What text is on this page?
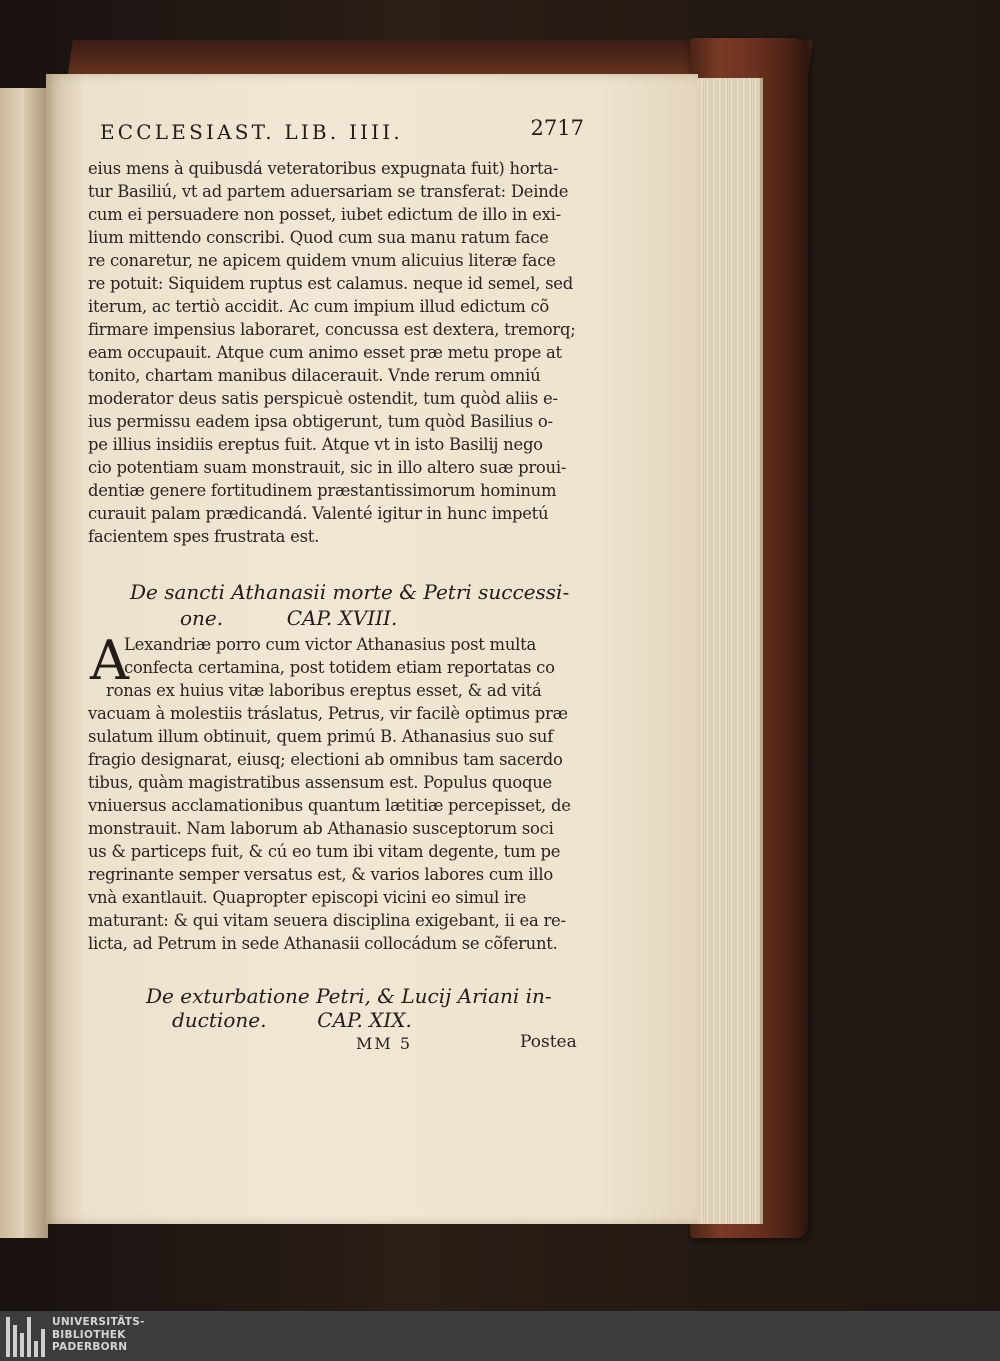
ECCLESIAST. LIB. IIII.	2717
eius mens à quibusdá veteratoribus expugnata fuit) horta-
tur Basiliú, vt ad partem aduersariam se transferat: Deinde
cum ei persuadere non posset, iubet edictum de illo in exi-
lium mittendo conscribi. Quod cum sua manu ratum face
re conaretur, ne apicem quidem vnum alicuius literæ face
re potuit: Siquidem ruptus est calamus. neque id semel, sed
iterum, ac tertiò accidit. Ac cum impium illud edictum cõ
firmare impensius laboraret, concussa est dextera, tremorq;
eam occupauit. Atque cum animo esset præ metu prope at
tonito, chartam manibus dilacerauit. Vnde rerum omniú
moderator deus satis perspicuè ostendit, tum quòd aliis e-
ius permissu eadem ipsa obtigerunt, tum quòd Basilius o-
pe illius insidiis ereptus fuit. Atque vt in isto Basilij nego
cio potentiam suam monstrauit, sic in illo altero suæ proui-
dentiæ genere fortitudinem præstantissimorum hominum
curauit palam prædicandá. Valenté igitur in hunc impetú
facientem spes frustrata est.
De sancti Athanasii morte & Petri successi-
one.          CAP. XVIII.
A
Lexandriæ porro cum victor Athanasius post multa
confecta certamina, post totidem etiam reportatas co
ronas ex huius vitæ laboribus ereptus esset, & ad vitá
vacuam à molestiis tráslatus, Petrus, vir facilè optimus præ
sulatum illum obtinuit, quem primú B. Athanasius suo suf
fragio designarat, eiusq; electioni ab omnibus tam sacerdo
tibus, quàm magistratibus assensum est. Populus quoque
vniuersus acclamationibus quantum lætitiæ percepisset, de
monstrauit. Nam laborum ab Athanasio susceptorum soci
us & particeps fuit, & cú eo tum ibi vitam degente, tum pe
regrinante semper versatus est, & varios labores cum illo
vnà exantlauit. Quapropter episcopi vicini eo simul ire
maturant: & qui vitam seuera disciplina exigebant, ii ea re-
licta, ad Petrum in sede Athanasii collocádum se cõferunt.
De exturbatione Petri, & Lucij Ariani in-
ductione.        CAP. XIX.
MM 5	Postea
UNIVERSITÄTS-
BIBLIOTHEK
PADERBORN
